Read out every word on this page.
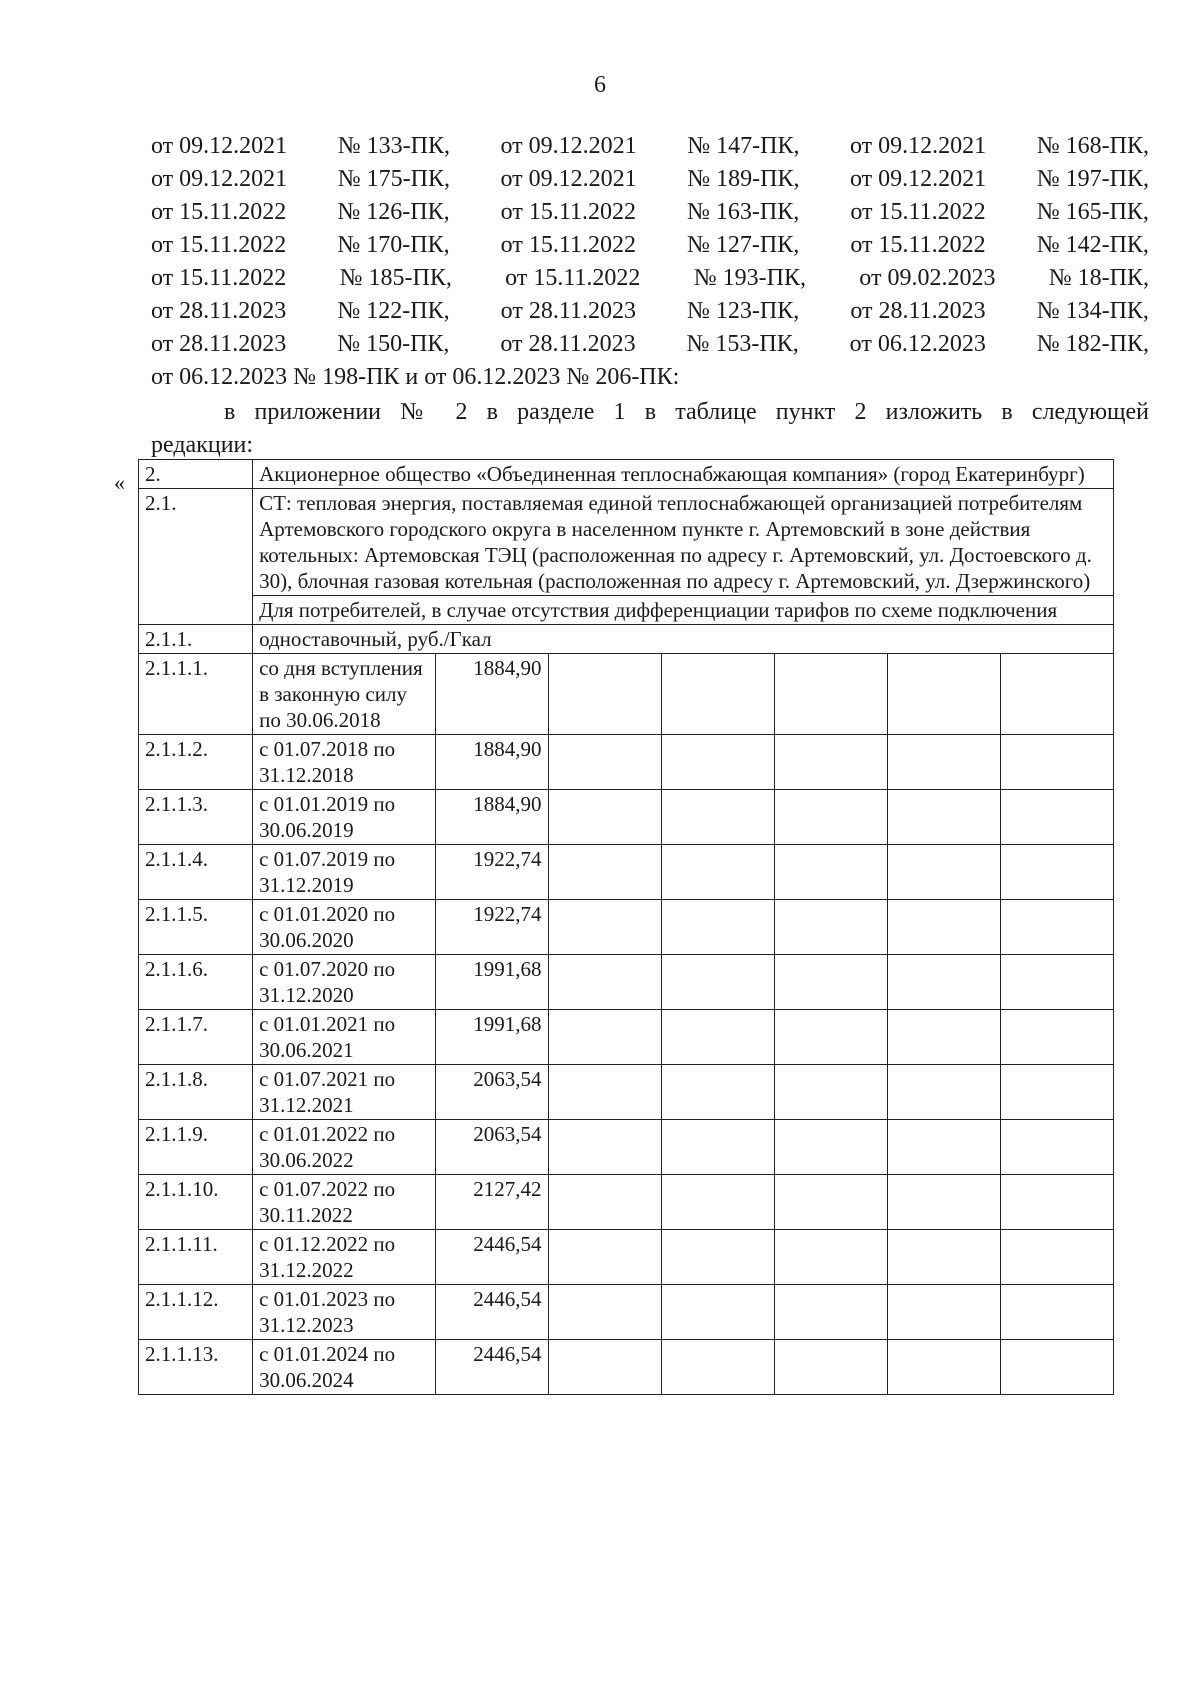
6
от 09.12.2021 № 133-ПК, от 09.12.2021 № 147-ПК, от 09.12.2021 № 168-ПК,
от 09.12.2021 № 175-ПК, от 09.12.2021 № 189-ПК, от 09.12.2021 № 197-ПК,
от 15.11.2022 № 126-ПК, от 15.11.2022 № 163-ПК, от 15.11.2022 № 165-ПК,
от 15.11.2022 № 170-ПК, от 15.11.2022 № 127-ПК, от 15.11.2022 № 142-ПК,
от 15.11.2022 № 185-ПК, от 15.11.2022 № 193-ПК, от 09.02.2023 № 18-ПК,
от 28.11.2023 № 122-ПК, от 28.11.2023 № 123-ПК, от 28.11.2023 № 134-ПК,
от 28.11.2023 № 150-ПК, от 28.11.2023 № 153-ПК, от 06.12.2023 № 182-ПК,
от 06.12.2023 № 198-ПК и от 06.12.2023 № 206-ПК:
в приложении № 2 в разделе 1 в таблице пункт 2 изложить в следующей
редакции:
« 2.	Акционерное общество «Объединенная теплоснабжающая компания» (город Екатеринбург)						
2.1.	СТ: тепловая энергия, поставляемая единой теплоснабжающей организацией потребителям Артемовского городского округа в населенном пункте г. Артемовский в зоне действия котельных: Артемовская ТЭЦ (расположенная по адресу г. Артемовский, ул. Достоевского д. 30), блочная газовая котельная (расположенная по адресу г. Артемовский, ул. Дзержинского)						
	Для потребителей, в случае отсутствия дифференциации тарифов по схеме подключения						
2.1.1.	одноставочный, руб./Гкал						
2.1.1.1.	со дня вступления в законную силу по 30.06.2018	1884,90					
2.1.1.2.	с 01.07.2018 по 31.12.2018	1884,90					
2.1.1.3.	с 01.01.2019 по 30.06.2019	1884,90					
2.1.1.4.	с 01.07.2019 по 31.12.2019	1922,74					
2.1.1.5.	с 01.01.2020 по 30.06.2020	1922,74					
2.1.1.6.	с 01.07.2020 по 31.12.2020	1991,68					
2.1.1.7.	с 01.01.2021 по 30.06.2021	1991,68					
2.1.1.8.	с 01.07.2021 по 31.12.2021	2063,54					
2.1.1.9.	с 01.01.2022 по 30.06.2022	2063,54					
2.1.1.10.	с 01.07.2022 по 30.11.2022	2127,42					
2.1.1.11.	с 01.12.2022 по 31.12.2022	2446,54					
2.1.1.12.	с 01.01.2023 по 31.12.2023	2446,54					
2.1.1.13.	с 01.01.2024 по 30.06.2024	2446,54					
